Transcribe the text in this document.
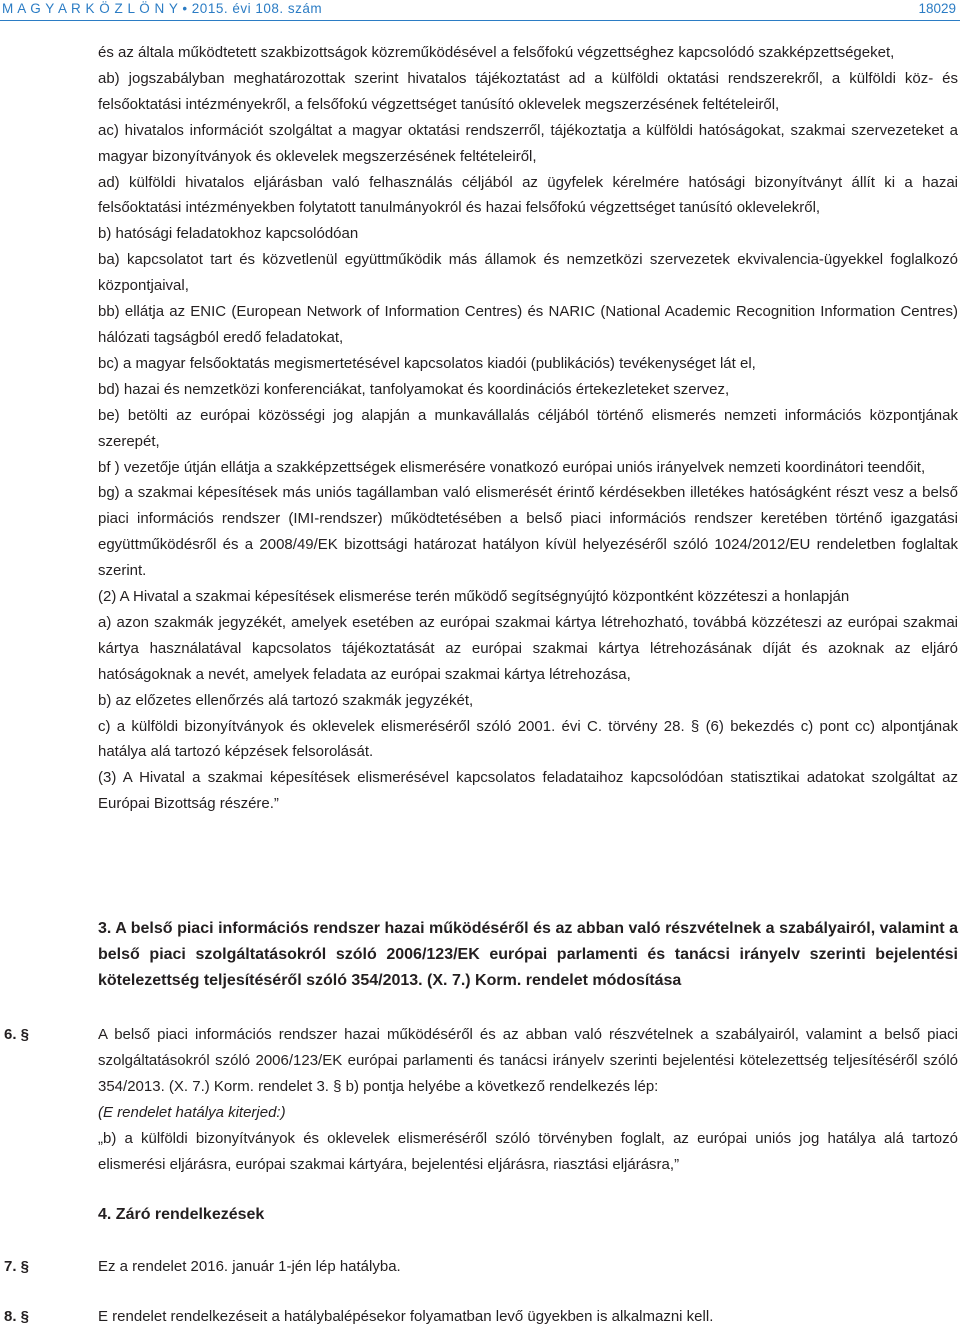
M A G Y A R K Ö Z L Ö N Y • 2015. évi 108. szám	18029

és az általa működtetett szakbizottságok közreműködésével a felsőfokú végzettséghez kapcsolódó szakképzettségeket,

ab) jogszabályban meghatározottak szerint hivatalos tájékoztatást ad a külföldi oktatási rendszerekről, a külföldi köz- és felsőoktatási intézményekről, a felsőfokú végzettséget tanúsító oklevelek megszerzésének feltételeiről,

ac) hivatalos információt szolgáltat a magyar oktatási rendszerről, tájékoztatja a külföldi hatóságokat, szakmai szervezeteket a magyar bizonyítványok és oklevelek megszerzésének feltételeiről,

ad) külföldi hivatalos eljárásban való felhasználás céljából az ügyfelek kérelmére hatósági bizonyítványt állít ki a hazai felsőoktatási intézményekben folytatott tanulmányokról és hazai felsőfokú végzettséget tanúsító oklevelekről,

b) hatósági feladatokhoz kapcsolódóan

ba) kapcsolatot tart és közvetlenül együttműködik más államok és nemzetközi szervezetek ekvivalencia-ügyekkel foglalkozó központjaival,

bb) ellátja az ENIC (European Network of Information Centres) és NARIC (National Academic Recognition Information Centres) hálózati tagságból eredő feladatokat,

bc) a magyar felsőoktatás megismertetésével kapcsolatos kiadói (publikációs) tevékenységet lát el,

bd) hazai és nemzetközi konferenciákat, tanfolyamokat és koordinációs értekezleteket szervez,

be) betölti az európai közösségi jog alapján a munkavállalás céljából történő elismerés nemzeti információs központjának szerepét,

bf ) vezetője útján ellátja a szakképzettségek elismerésére vonatkozó európai uniós irányelvek nemzeti koordinátori teendőit,

bg) a szakmai képesítések más uniós tagállamban való elismerését érintő kérdésekben illetékes hatóságként részt vesz a belső piaci információs rendszer (IMI-rendszer) működtetésében a belső piaci információs rendszer keretében történő igazgatási együttműködésről és a 2008/49/EK bizottsági határozat hatályon kívül helyezéséről szóló 1024/2012/EU rendeletben foglaltak szerint.

(2) A Hivatal a szakmai képesítések elismerése terén működő segítségnyújtó központként közzéteszi a honlapján

a) azon szakmák jegyzékét, amelyek esetében az európai szakmai kártya létrehozható, továbbá közzéteszi az európai szakmai kártya használatával kapcsolatos tájékoztatását az európai szakmai kártya létrehozásának díját és azoknak az eljáró hatóságoknak a nevét, amelyek feladata az európai szakmai kártya létrehozása,

b) az előzetes ellenőrzés alá tartozó szakmák jegyzékét,

c) a külföldi bizonyítványok és oklevelek elismeréséről szóló 2001. évi C. törvény 28. § (6) bekezdés c) pont cc) alpontjának hatálya alá tartozó képzések felsorolását.

(3) A Hivatal a szakmai képesítések elismerésével kapcsolatos feladataihoz kapcsolódóan statisztikai adatokat szolgáltat az Európai Bizottság részére.”

3. A belső piaci információs rendszer hazai működéséről és az abban való részvételnek a szabályairól, valamint a belső piaci szolgáltatásokról szóló 2006/123/EK európai parlamenti és tanácsi irányelv szerinti bejelentési kötelezettség teljesítéséről szóló 354/2013. (X. 7.) Korm. rendelet módosítása

6. §	A belső piaci információs rendszer hazai működéséről és az abban való részvételnek a szabályairól, valamint a belső piaci szolgáltatásokról szóló 2006/123/EK európai parlamenti és tanácsi irányelv szerinti bejelentési kötelezettség teljesítéséről szóló 354/2013. (X. 7.) Korm. rendelet 3. § b) pontja helyébe a következő rendelkezés lép:

(E rendelet hatálya kiterjed:)

„b) a külföldi bizonyítványok és oklevelek elismeréséről szóló törvényben foglalt, az európai uniós jog hatálya alá tartozó elismerési eljárásra, európai szakmai kártyára, bejelentési eljárásra, riasztási eljárásra,”

4. Záró rendelkezések

7. §	Ez a rendelet 2016. január 1-jén lép hatályba.

8. §	E rendelet rendelkezéseit a hatálybalépésekor folyamatban levő ügyekben is alkalmazni kell.
